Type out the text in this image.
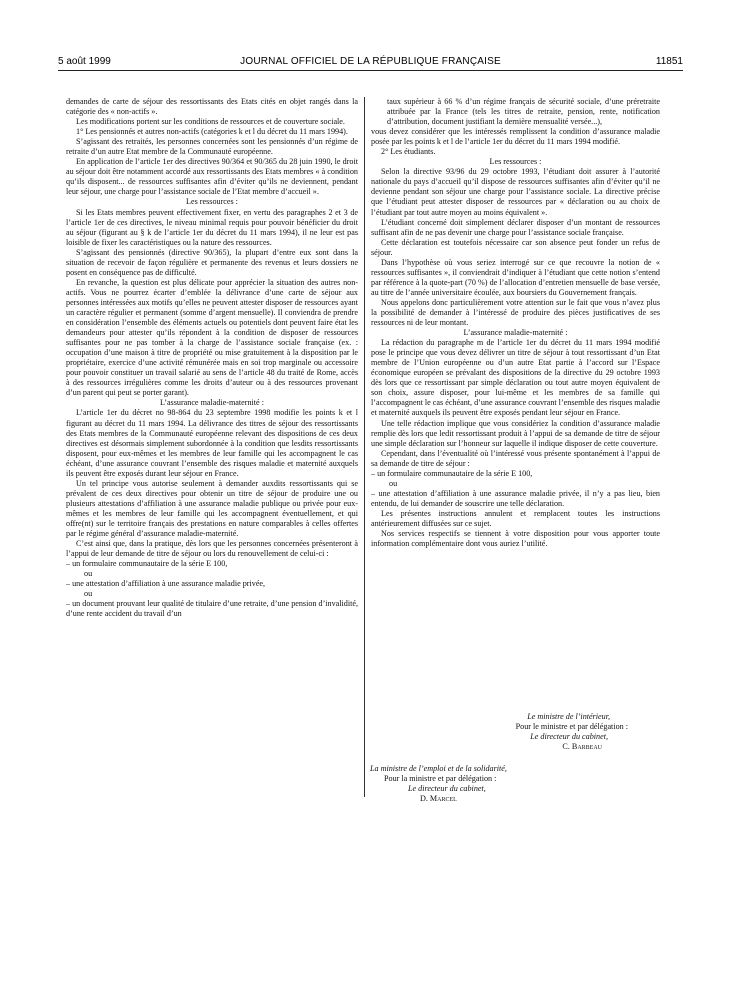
5 août 1999	JOURNAL OFFICIEL DE LA RÉPUBLIQUE FRANÇAISE	11851

demandes de carte de séjour des ressortissants des Etats cités en objet rangés dans la catégorie des « non-actifs ».

Les modifications portent sur les conditions de ressources et de couverture sociale.

1° Les pensionnés et autres non-actifs (catégories k et l du décret du 11 mars 1994).

S’agissant des retraités, les personnes concernées sont les pensionnés d’un régime de retraite d’un autre Etat membre de la Communauté européenne.

En application de l’article 1er des directives 90/364 et 90/365 du 28 juin 1990, le droit au séjour doit être notamment accordé aux ressortissants des Etats membres « à condition qu’ils disposent... de ressources suffisantes afin d’éviter qu’ils ne deviennent, pendant leur séjour, une charge pour l’assistance sociale de l’Etat membre d’accueil ».

Les ressources :

Si les Etats membres peuvent effectivement fixer, en vertu des paragraphes 2 et 3 de l’article 1er de ces directives, le niveau minimal requis pour pouvoir bénéficier du droit au séjour (figurant au § k de l’article 1er du décret du 11 mars 1994), il ne leur est pas loisible de fixer les caractéristiques ou la nature des ressources.

S’agissant des pensionnés (directive 90/365), la plupart d’entre eux sont dans la situation de recevoir de façon régulière et permanente des revenus et leurs dossiers ne posent en conséquence pas de difficulté.

En revanche, la question est plus délicate pour apprécier la situation des autres non-actifs. Vous ne pourrez écarter d’emblée la délivrance d’une carte de séjour aux personnes intéressées aux motifs qu’elles ne peuvent attester disposer de ressources ayant un caractère régulier et permanent (somme d’argent mensuelle). Il conviendra de prendre en considération l’ensemble des éléments actuels ou potentiels dont peuvent faire état les demandeurs pour attester qu’ils répondent à la condition de disposer de ressources suffisantes pour ne pas tomber à la charge de l’assistance sociale française (ex. : occupation d’une maison à titre de propriété ou mise gratuitement à la disposition par le propriétaire, exercice d’une activité rémunérée mais en soi trop marginale ou accessoire pour pouvoir constituer un travail salarié au sens de l’article 48 du traité de Rome, accès à des ressources irrégulières comme les droits d’auteur ou à des ressources provenant d’un parent qui peut se porter garant).

L’assurance maladie-maternité :

L’article 1er du décret no 98-864 du 23 septembre 1998 modifie les points k et l figurant au décret du 11 mars 1994. La délivrance des titres de séjour des ressortissants des Etats membres de la Communauté européenne relevant des dispositions de ces deux directives est désormais simplement subordonnée à la condition que lesdits ressortissants disposent, pour eux-mêmes et les membres de leur famille qui les accompagnent le cas échéant, d’une assurance couvrant l’ensemble des risques maladie et maternité auxquels ils peuvent être exposés durant leur séjour en France.

Un tel principe vous autorise seulement à demander auxdits ressortissants qui se prévalent de ces deux directives pour obtenir un titre de séjour de produire une ou plusieurs attestations d’affiliation à une assurance maladie publique ou privée pour eux-mêmes et les membres de leur famille qui les accompagnent éventuellement, et qui offre(nt) sur le territoire français des prestations en nature comparables à celles offertes par le régime général d’assurance maladie-maternité.

C’est ainsi que, dans la pratique, dès lors que les personnes concernées présenteront à l’appui de leur demande de titre de séjour ou lors du renouvellement de celui-ci :

– un formulaire communautaire de la série E 100,

ou

– une attestation d’affiliation à une assurance maladie privée,

ou

– un document prouvant leur qualité de titulaire d’une retraite, d’une pension d’invalidité, d’une rente accident du travail d’un

taux supérieur à 66 % d’un régime français de sécurité sociale, d’une préretraite attribuée par la France (tels les titres de retraite, pension, rente, notification d’attribution, document justifiant la dernière mensualité versée...),

vous devez considérer que les intéressés remplissent la condition d’assurance maladie posée par les points k et l de l’article 1er du décret du 11 mars 1994 modifié.

2° Les étudiants.

Les ressources :

Selon la directive 93/96 du 29 octobre 1993, l’étudiant doit assurer à l’autorité nationale du pays d’accueil qu’il dispose de ressources suffisantes afin d’éviter qu’il ne devienne pendant son séjour une charge pour l’assistance sociale. La directive précise que l’étudiant peut attester disposer de ressources par « déclaration ou au choix de l’étudiant par tout autre moyen au moins équivalent ».

L’étudiant concerné doit simplement déclarer disposer d’un montant de ressources suffisant afin de ne pas devenir une charge pour l’assistance sociale française.

Cette déclaration est toutefois nécessaire car son absence peut fonder un refus de séjour.

Dans l’hypothèse où vous seriez interrogé sur ce que recouvre la notion de « ressources suffisantes », il conviendrait d’indiquer à l’étudiant que cette notion s’entend par référence à la quote-part (70 %) de l’allocation d’entretien mensuelle de base versée, au titre de l’année universitaire écoulée, aux boursiers du Gouvernement français.

Nous appelons donc particulièrement votre attention sur le fait que vous n’avez plus la possibilité de demander à l’intéressé de produire des pièces justificatives de ses ressources ni de leur montant.

L’assurance maladie-maternité :

La rédaction du paragraphe m de l’article 1er du décret du 11 mars 1994 modifié pose le principe que vous devez délivrer un titre de séjour à tout ressortissant d’un Etat membre de l’Union européenne ou d’un autre Etat partie à l’accord sur l’Espace économique européen se prévalant des dispositions de la directive du 29 octobre 1993 dès lors que ce ressortissant par simple déclaration ou tout autre moyen équivalent de son choix, assure disposer, pour lui-même et les membres de sa famille qui l’accompagnent le cas échéant, d’une assurance couvrant l’ensemble des risques maladie et maternité auxquels ils peuvent être exposés pendant leur séjour en France.

Une telle rédaction implique que vous considériez la condition d’assurance maladie remplie dès lors que ledit ressortissant produit à l’appui de sa demande de titre de séjour une simple déclaration sur l’honneur sur laquelle il indique disposer de cette couverture.

Cependant, dans l’éventualité où l’intéressé vous présente spontanément à l’appui de sa demande de titre de séjour :

– un formulaire communautaire de la série E 100,

ou

– une attestation d’affiliation à une assurance maladie privée, il n’y a pas lieu, bien entendu, de lui demander de souscrire une telle déclaration.

Les présentes instructions annulent et remplacent toutes les instructions antérieurement diffusées sur ce sujet.

Nos services respectifs se tiennent à votre disposition pour vous apporter toute information complémentaire dont vous auriez l’utilité.

Le ministre de l’intérieur,

Pour le ministre et par délégation :

Le directeur du cabinet,

C. Barbeau

La ministre de l’emploi et de la solidarité,

Pour la ministre et par délégation :

Le directeur du cabinet,

D. Marcel
